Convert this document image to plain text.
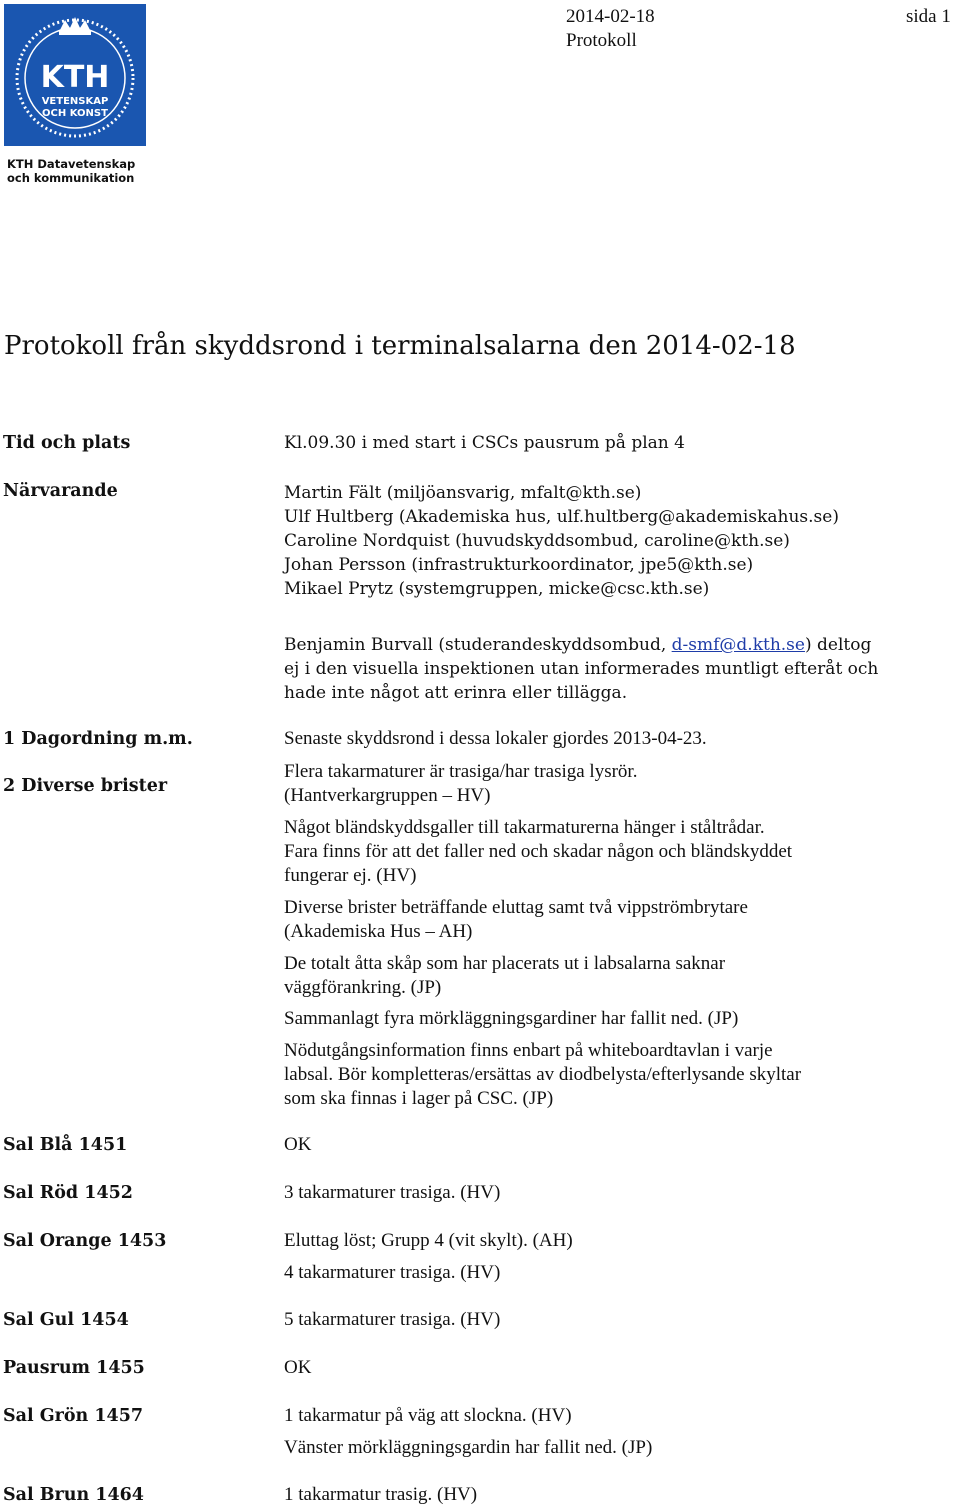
KTH
VETENSKAP
OCH KONST
KTH Datavetenskap
och kommunikation
2014-02-18
Protokoll
sida 1
Protokoll från skyddsrond i terminalsalarna den 2014-02-18
Tid och plats	Kl.09.30 i med start i CSCs pausrum på plan 4
Närvarande	Martin Fält (miljöansvarig, mfalt@kth.se)
Ulf Hultberg (Akademiska hus, ulf.hultberg@akademiskahus.se)
Caroline Nordquist (huvudskyddsombud, caroline@kth.se)
Johan Persson (infrastrukturkoordinator, jpe5@kth.se)
Mikael Prytz (systemgruppen, micke@csc.kth.se)
Benjamin Burvall (studerandeskyddsombud, d-smf@d.kth.se) deltog
ej i den visuella inspektionen utan informerades muntligt efteråt och
hade inte något att erinra eller tillägga.
1 Dagordning m.m.	Senaste skyddsrond i dessa lokaler gjordes 2013-04-23.
2 Diverse brister
Flera takarmaturer är trasiga/har trasiga lysrör.
(Hantverkargruppen – HV)
Något bländskyddsgaller till takarmaturerna hänger i ståltrådar.
Fara finns för att det faller ned och skadar någon och bländskyddet
fungerar ej. (HV)
Diverse brister beträffande eluttag samt två vippströmbrytare
(Akademiska Hus – AH)
De totalt åtta skåp som har placerats ut i labsalarna saknar
väggförankring. (JP)
Sammanlagt fyra mörkläggningsgardiner har fallit ned. (JP)
Nödutgångsinformation finns enbart på whiteboardtavlan i varje
labsal. Bör kompletteras/ersättas av diodbelysta/efterlysande skyltar
som ska finnas i lager på CSC. (JP)
Sal Blå 1451	OK
Sal Röd 1452	3 takarmaturer trasiga. (HV)
Sal Orange 1453	Eluttag löst; Grupp 4 (vit skylt). (AH)
4 takarmaturer trasiga. (HV)
Sal Gul 1454	5 takarmaturer trasiga. (HV)
Pausrum 1455	OK
Sal Grön 1457	1 takarmatur på väg att slockna. (HV)
Vänster mörkläggningsgardin har fallit ned. (JP)
Sal Brun 1464	1 takarmatur trasig. (HV)
